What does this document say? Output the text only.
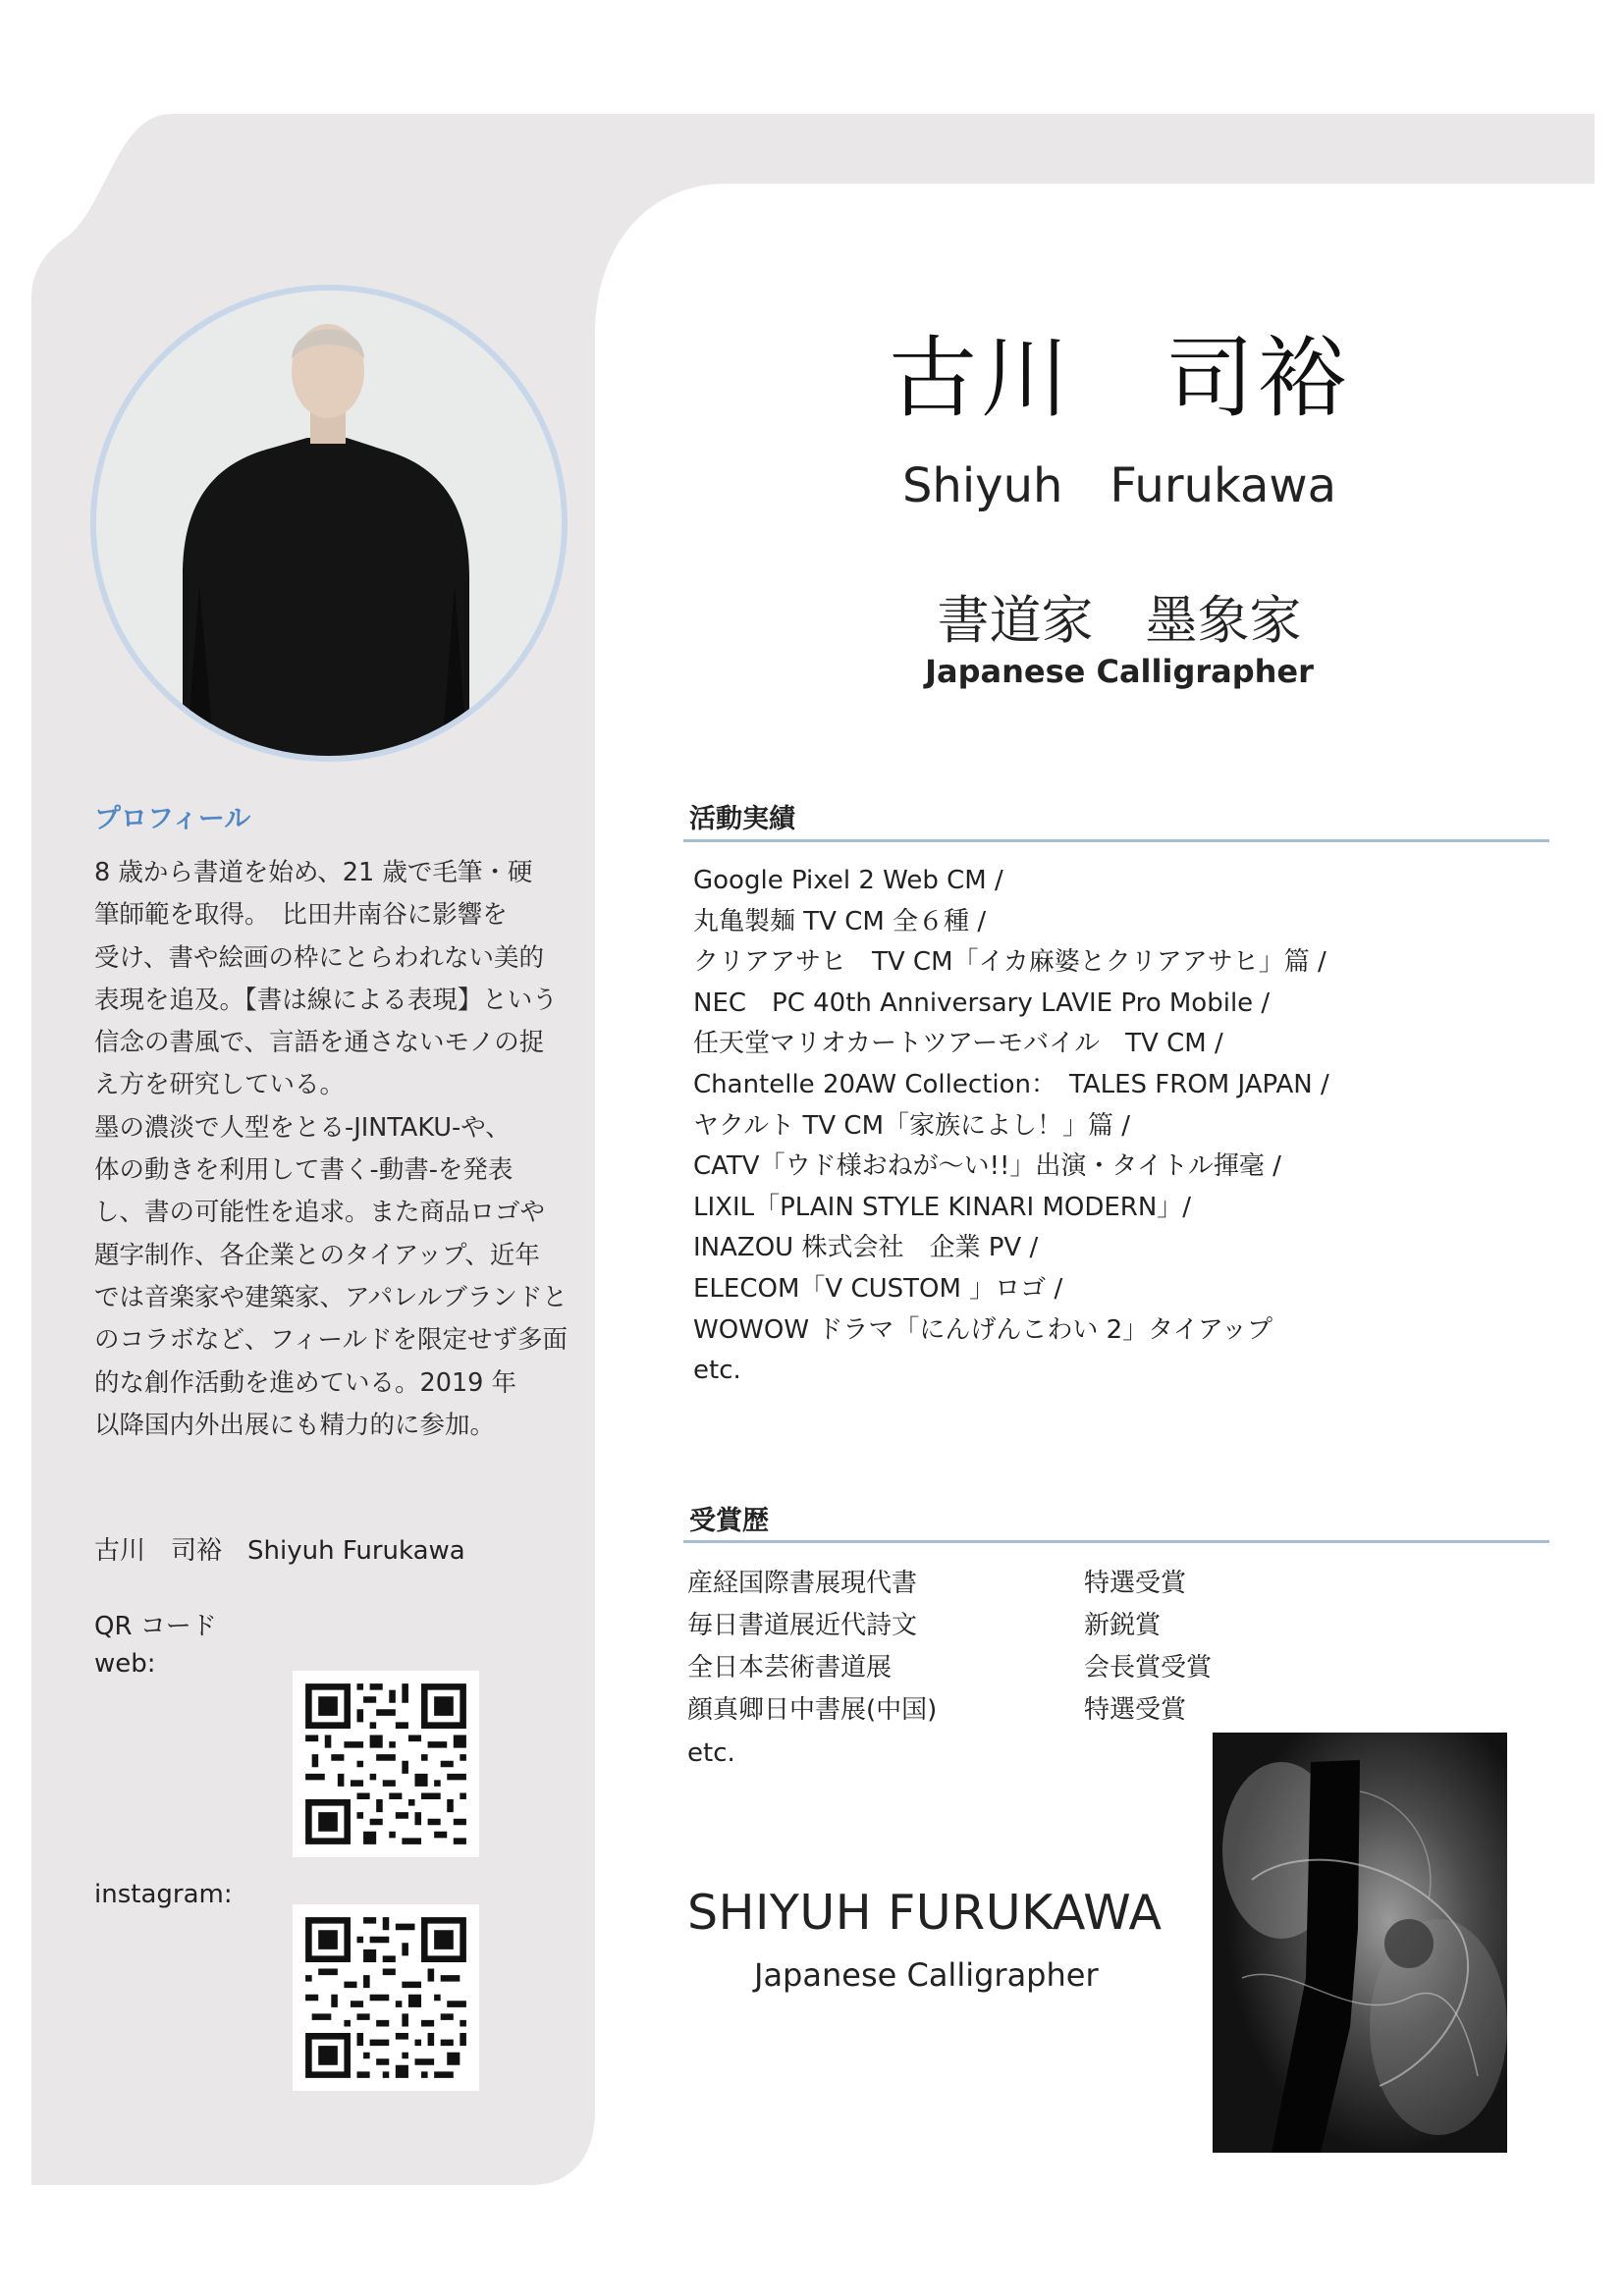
プロフィール

8 歳から書道を始め、21 歳で毛筆・硬
筆師範を取得。　比田井南谷に影響を
受け、書や絵画の枠にとらわれない美的
表現を追及。【書は線による表現】という
信念の書風で、言語を通さないモノの捉
え方を研究している。
墨の濃淡で人型をとる-JINTAKU-や、
体の動きを利用して書く-動書-を発表
し、書の可能性を追求。また商品ロゴや
題字制作、各企業とのタイアップ、近年
では音楽家や建築家、アパレルブランドと
のコラボなど、フィールドを限定せず多面
的な創作活動を進めている。2019 年
以降国内外出展にも精力的に参加。

古川　司裕　Shiyuh Furukawa
QR コード
web:
instagram:
古川　司裕
Shiyuh　Furukawa
書道家　墨象家
Japanese Calligrapher
活動実績
Google Pixel 2 Web CM /
丸亀製麺 TV CM 全６種 /
クリアアサヒ　TV CM「イカ麻婆とクリアアサヒ」篇 /
NEC　PC 40th Anniversary LAVIE Pro Mobile /
任天堂マリオカートツアーモバイル　TV CM /
Chantelle 20AW Collection：　TALES FROM JAPAN /
ヤクルト TV CM「家族によし！」篇 /
CATV「ウド様おねが〜い!!」出演・タイトル揮毫 /
LIXIL「PLAIN STYLE KINARI MODERN」/
INAZOU 株式会社　企業 PV /
ELECOM「V CUSTOM 」ロゴ /
WOWOW ドラマ「にんげんこわい 2」タイアップ
etc.
受賞歴
産経国際書展現代書	特選受賞
毎日書道展近代詩文	新鋭賞
全日本芸術書道展	会長賞受賞
顔真卿日中書展(中国)	特選受賞
etc.
SHIYUH FURUKAWA
Japanese Calligrapher
